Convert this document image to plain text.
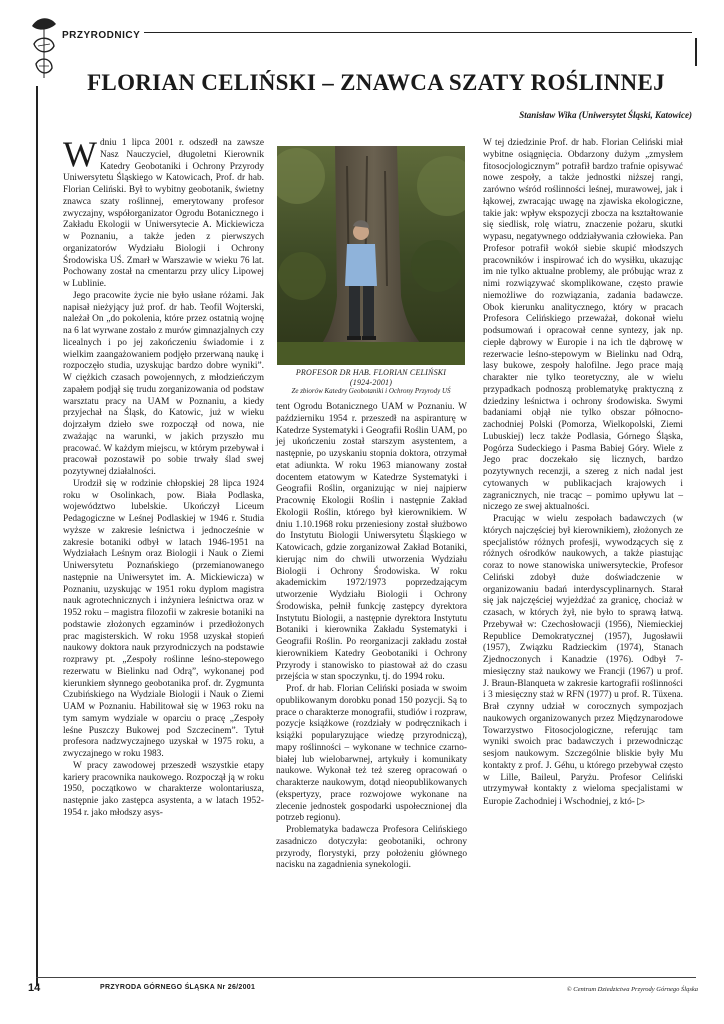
PRZYRODNICY
FLORIAN CELIŃSKI – ZNAWCA SZATY ROŚLINNEJ
Stanisław Wika (Uniwersytet Śląski, Katowice)

Wdniu 1 lipca 2001 r. odszedł na zawsze Nasz Nauczyciel, długoletni Kierownik Katedry Geobotaniki i Ochrony Przyrody Uniwersytetu Śląskiego w Katowicach, Prof. dr hab. Florian Celiński. Był to wybitny geobotanik, świetny znawca szaty roślinnej, emerytowany profesor zwyczajny, współorganizator Ogrodu Botanicznego i Zakładu Ekologii w Uniwersytecie A. Mickiewicza w Poznaniu, a także jeden z pierwszych organizatorów Wydziału Biologii i Ochrony Środowiska UŚ. Zmarł w Warszawie w wieku 76 lat. Pochowany został na cmentarzu przy ulicy Lipowej w Lublinie.

Jego pracowite życie nie było usłane różami. Jak napisał nieżyjący już prof. dr hab. Teofil Wojterski, należał On „do pokolenia, które przez ostatnią wojnę na 6 lat wyrwane zostało z murów gimnazjalnych czy licealnych i po jej zakończeniu świadomie i z wielkim zaangażowaniem podjęło przerwaną naukę i rozpoczęło studia, uzyskując bardzo dobre wyniki”. W ciężkich czasach powojennych, z młodzieńczym zapałem podjął się trudu zorganizowania od podstaw warsztatu pracy na UAM w Poznaniu, a kiedy przyjechał na Śląsk, do Katowic, już w wieku dojrzałym dzieło swe rozpoczął od nowa, nie zważając na warunki, w jakich przyszło mu pracować. W każdym miejscu, w którym przebywał i pracował pozostawił po sobie trwały ślad swej pozytywnej działalności.

Urodził się w rodzinie chłopskiej 28 lipca 1924 roku w Osolinkach, pow. Biała Podlaska, województwo lubelskie. Ukończył Liceum Pedagogiczne w Leśnej Podlaskiej w 1946 r. Studia wyższe w zakresie leśnictwa i jednocześnie w zakresie botaniki odbył w latach 1946-1951 na Wydziałach Leśnym oraz Biologii i Nauk o Ziemi Uniwersytetu Poznańskiego (przemianowanego następnie na Uniwersytet im. A. Mickiewicza) w Poznaniu, uzyskując w 1951 roku dyplom magistra nauk agrotechnicznych i inżyniera leśnictwa oraz w 1952 roku – magistra filozofii w zakresie botaniki na podstawie złożonych egzaminów i przedłożonych prac magisterskich. W roku 1958 uzyskał stopień naukowy doktora nauk przyrodniczych na podstawie rozprawy pt. „Zespoły roślinne leśno-stepowego rezerwatu w Bielinku nad Odrą”, wykonanej pod kierunkiem słynnego geobotanika prof. dr. Zygmunta Czubińskiego na Wydziale Biologii i Nauk o Ziemi UAM w Poznaniu. Habilitował się w 1963 roku na tym samym wydziale w oparciu o pracę „Zespoły leśne Puszczy Bukowej pod Szczecinem”. Tytuł profesora nadzwyczajnego uzyskał w 1975 roku, a zwyczajnego w roku 1983.

W pracy zawodowej przeszedł wszystkie etapy kariery pracownika naukowego. Rozpoczął ją w roku 1950, początkowo w charakterze wolontariusza, następnie jako zastępca asystenta, a w latach 1952-1954 r. jako młodszy asys-

PROFESOR DR HAB. FLORIAN CELIŃSKI
(1924-2001)
Ze zbiorów Katedry Geobotaniki i Ochrony Przyrody UŚ

tent Ogrodu Botanicznego UAM w Poznaniu. W październiku 1954 r. przeszedł na aspiranturę w Katedrze Systematyki i Geografii Roślin UAM, po jej ukończeniu został starszym asystentem, a następnie, po uzyskaniu stopnia doktora, otrzymał etat adiunkta. W roku 1963 mianowany został docentem etatowym w Katedrze Systematyki i Geografii Roślin, organizując w niej najpierw Pracownię Ekologii Roślin i następnie Zakład Ekologii Roślin, którego był kierownikiem. W dniu 1.10.1968 roku przeniesiony został służbowo do Instytutu Biologii Uniwersytetu Śląskiego w Katowicach, gdzie zorganizował Zakład Botaniki, kierując nim do chwili utworzenia Wydziału Biologii i Ochrony Środowiska. W roku akademickim 1972/1973 poprzedzającym utworzenie Wydziału Biologii i Ochrony Środowiska, pełnił funkcję zastępcy dyrektora Instytutu Biologii, a następnie dyrektora Instytutu Botaniki i kierownika Zakładu Systematyki i Geografii Roślin. Po reorganizacji zakładu został kierownikiem Katedry Geobotaniki i Ochrony Przyrody i stanowisko to piastował aż do czasu przejścia w stan spoczynku, tj. do 1994 roku.

Prof. dr hab. Florian Celiński posiada w swoim opublikowanym dorobku ponad 150 pozycji. Są to prace o charakterze monografii, studiów i rozpraw, pozycje książkowe (rozdziały w podręcznikach i książki popularyzujące wiedzę przyrodniczą), mapy roślinności – wykonane w technice czarno-białej lub wielobarwnej, artykuły i komunikaty naukowe. Wykonał też też szereg opracowań o charakterze naukowym, dotąd nieopublikowanych (ekspertyzy, prace rozwojowe wykonane na zlecenie jednostek gospodarki uspołecznionej dla potrzeb regionu).

Problematyka badawcza Profesora Celińskiego zasadniczo dotyczyła: geobotaniki, ochrony przyrody, florystyki, przy położeniu głównego nacisku na zagadnienia synekologii.

W tej dziedzinie Prof. dr hab. Florian Celiński miał wybitne osiągnięcia. Obdarzony dużym „zmysłem fitosocjologicznym” potrafił bardzo trafnie opisywać nowe zespoły, a także jednostki niższej rangi, zarówno wśród roślinności leśnej, murawowej, jak i łąkowej, zwracając uwagę na zjawiska ekologiczne, takie jak: wpływ ekspozycji zbocza na kształtowanie się siedlisk, rolę wiatru, znaczenie pożaru, skutki wypasu, negatywnego oddziaływania człowieka. Pan Profesor potrafił wokół siebie skupić młodszych pracowników i inspirować ich do wysiłku, ukazując im nie tylko aktualne problemy, ale próbując wraz z nimi rozwiązywać skomplikowane, często prawie niemożliwe do rozwiązania, zadania badawcze. Obok kierunku analitycznego, który w pracach Profesora Celińskiego przeważał, dokonał wielu podsumowań i opracował cenne syntezy, jak np. ciepłe dąbrowy w Europie i na ich tle dąbrowę w rezerwacie leśno-stepowym w Bielinku nad Odrą, lasy bukowe, zespoły halofilne. Jego prace mają charakter nie tylko teoretyczny, ale w wielu przypadkach podnoszą problematykę praktyczną z dziedziny leśnictwa i ochrony środowiska. Swymi badaniami objął nie tylko obszar północno-zachodniej Polski (Pomorza, Wielkopolski, Ziemi Lubuskiej) lecz także Podlasia, Górnego Śląska, Pogórza Sudeckiego i Pasma Babiej Góry. Wiele z Jego prac doczekało się licznych, bardzo pozytywnych recenzji, a szereg z nich nadal jest cytowanych w publikacjach krajowych i zagranicznych, nie tracąc – pomimo upływu lat – niczego ze swej aktualności.

Pracując w wielu zespołach badawczych (w których najczęściej był kierownikiem), złożonych ze specjalistów różnych profesji, wywodzących się z różnych ośrodków naukowych, a także piastując coraz to nowe stanowiska uniwersyteckie, Profesor Celiński zdobył duże doświadczenie w organizowaniu badań interdyscyplinarnych. Starał się jak najczęściej wyjeżdżać za granicę, chociaż w czasach, w których żył, nie było to sprawą łatwą. Przebywał w: Czechosłowacji (1956), Niemieckiej Republice Demokratycznej (1957), Jugosławii (1957), Związku Radzieckim (1974), Stanach Zjednoczonych i Kanadzie (1976). Odbył 7-miesięczny staż naukowy we Francji (1967) u prof. J. Braun-Blanqueta w zakresie kartografii roślinności i 3 miesięczny staż w RFN (1977) u prof. R. Tüxena. Brał czynny udział w corocznych sympozjach naukowych organizowanych przez Międzynarodowe Towarzystwo Fitosocjologiczne, referując tam wyniki swoich prac badawczych i przewodnicząc sesjom naukowym. Szczególnie bliskie były Mu kontakty z prof. J. Géhu, u którego przebywał często w Lille, Baileul, Paryżu. Profesor Celiński utrzymywał kontakty z wieloma specjalistami w Europie Zachodniej i Wschodniej, z któ- ▷

14	PRZYRODA GÓRNEGO ŚLĄSKA Nr 26/2001	© Centrum Dziedzictwa Przyrody Górnego Śląska
